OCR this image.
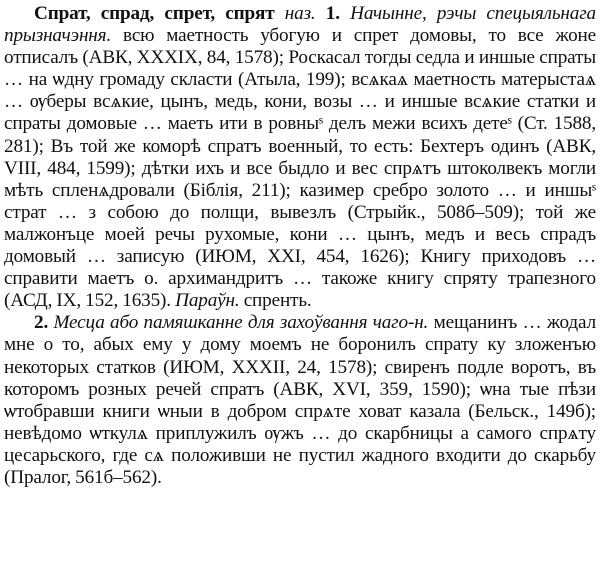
Спрат, спрад, спрет, спрят наз. 1. Начынне, рэчы спецыяльнага прызначэння. всю маетность убогую и спрет домовы, то все жоне отписалъ (АВК, XXXIX, 84, 1578); Роскасал тогды седла и иншые спраты … на ѡдну громаду скласти (Атыла, 199); всѧкаѧ маетность матерыстаѧ … ѹберы всѧкие, цынъ, медь, кони, возы … и иншые всѧкие статки и спраты домовые … маеть ити в ровныˢ делъ межи всихъ детеˢ (Ст. 1588, 281); Въ той же коморѣ спратъ военный, то есть: Бехтеръ одинъ (АВК, VIII, 484, 1599); дѣтки ихъ и все быдло и вес спрѧтъ штоколвекъ могли мѣть спленѧдровали (Біблія, 211); казимер сребро золото … и иншыˢ страт … з собою до полщи, вывезлъ (Стрыйк., 508б–509); той же малжонъце моей речы рухомые, кони … цынъ, медъ и весь спрадъ домовый … записую (ИЮМ, XXI, 454, 1626); Книгу приходовъ … справити маетъ о. архимандритъ … такоже книгу спряту трапезного (АСД, IX, 152, 1635). Параўн. спренть.

2. Месца або памяшканне для захоўвання чаго-н. мещанинъ … жодал мне о то, абых ему у дому моемъ не боронилъ спрату ку зложенъю некоторых статков (ИЮМ, XXXII, 24, 1578); свиренъ подле воротъ, въ которомъ розных речей спратъ (АВК, XVI, 359, 1590); ѡна тые пѣзи ѡтобравши книги ѡныи в добром спрѧте ховат казала (Бельск., 149б); невѣдомо ѡткулѧ приплужилъ ѹжъ … до скарбницы а самого спрѧту цесарьского, где сѧ положивши не пустил жадного входити до скарьбу (Пралог, 561б–562).
